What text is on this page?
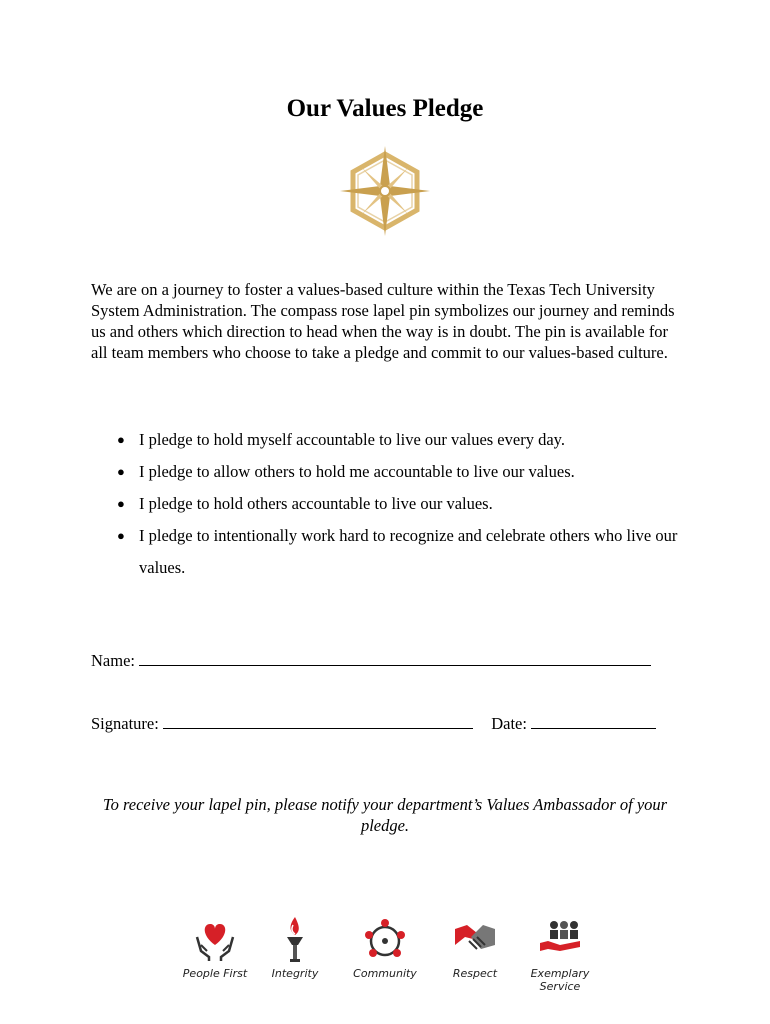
Our Values Pledge
We are on a journey to foster a values-based culture within the Texas Tech University System Administration. The compass rose lapel pin symbolizes our journey and reminds us and others which direction to head when the way is in doubt. The pin is available for all team members who choose to take a pledge and commit to our values-based culture.
● I pledge to hold myself accountable to live our values every day.
● I pledge to allow others to hold me accountable to live our values.
● I pledge to hold others accountable to live our values.
● I pledge to intentionally work hard to recognize and celebrate others who live our values.
Name:
Signature:	Date:
To receive your lapel pin, please notify your department’s Values Ambassador of your pledge.
People First	Integrity	Community	Respect	Exemplary Service
